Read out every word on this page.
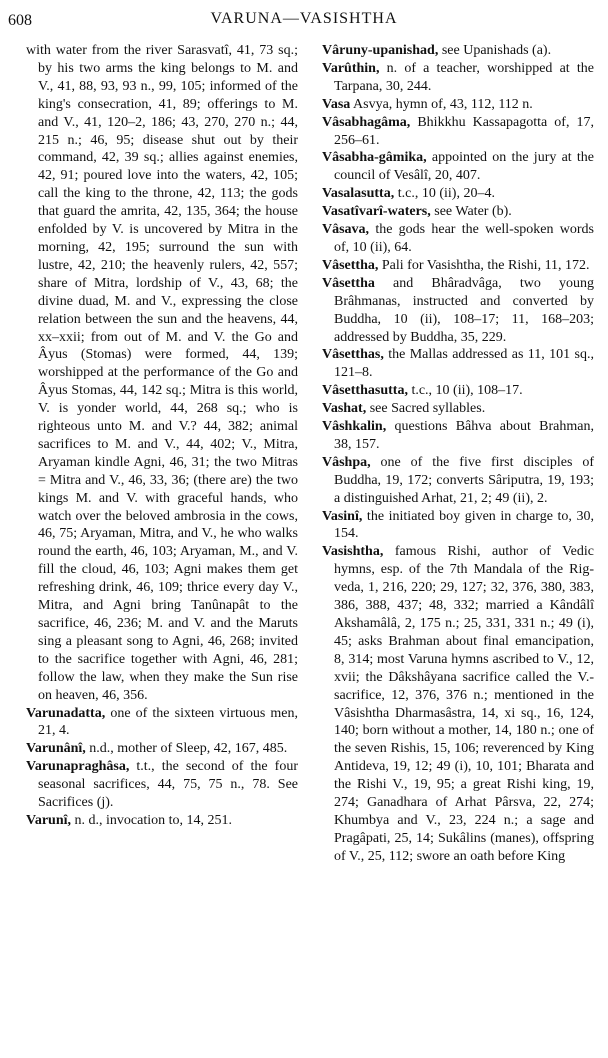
608	VARUNA—VASISHTHA

with water from the river Sarasvatî, 41, 73 sq.; by his two arms the king belongs to M. and V., 41, 88, 93, 93 n., 99, 105; informed of the king's consecration, 41, 89; offerings to M. and V., 41, 120–2, 186; 43, 270, 270 n.; 44, 215 n.; 46, 95; disease shut out by their command, 42, 39 sq.; allies against enemies, 42, 91; poured love into the waters, 42, 105; call the king to the throne, 42, 113; the gods that guard the amrita, 42, 135, 364; the house enfolded by V. is uncovered by Mitra in the morning, 42, 195; surround the sun with lustre, 42, 210; the heavenly rulers, 42, 557; share of Mitra, lordship of V., 43, 68; the divine duad, M. and V., expressing the close relation between the sun and the heavens, 44, xx–xxii; from out of M. and V. the Go and Âyus (Stomas) were formed, 44, 139; worshipped at the performance of the Go and Âyus Stomas, 44, 142 sq.; Mitra is this world, V. is yonder world, 44, 268 sq.; who is righteous unto M. and V.? 44, 382; animal sacrifices to M. and V., 44, 402; V., Mitra, Aryaman kindle Agni, 46, 31; the two Mitras = Mitra and V., 46, 33, 36; (there are) the two kings M. and V. with graceful hands, who watch over the beloved ambrosia in the cows, 46, 75; Aryaman, Mitra, and V., he who walks round the earth, 46, 103; Aryaman, M., and V. fill the cloud, 46, 103; Agni makes them get refreshing drink, 46, 109; thrice every day V., Mitra, and Agni bring Tanûnapât to the sacrifice, 46, 236; M. and V. and the Maruts sing a pleasant song to Agni, 46, 268; invited to the sacrifice together with Agni, 46, 281; follow the law, when they make the Sun rise on heaven, 46, 356.

Varunadatta, one of the sixteen virtuous men, 21, 4.

Varunânî, n.d., mother of Sleep, 42, 167, 485.

Varunapraghâsa, t.t., the second of the four seasonal sacrifices, 44, 75, 75 n., 78. See Sacrifices (j).

Varunî, n. d., invocation to, 14, 251.

Vâruny-upanishad, see Upanishads (a).

Varûthin, n. of a teacher, worshipped at the Tarpana, 30, 244.

Vasa Asvya, hymn of, 43, 112, 112 n.

Vâsabhagâma, Bhikkhu Kassapagotta of, 17, 256–61.

Vâsabha-gâmika, appointed on the jury at the council of Vesâlî, 20, 407.

Vasalasutta, t.c., 10 (ii), 20–4.

Vasatîvarî-waters, see Water (b).

Vâsava, the gods hear the well-spoken words of, 10 (ii), 64.

Vâsettha, Pali for Vasishtha, the Rishi, 11, 172.

Vâsettha and Bhâradvâga, two young Brâhmanas, instructed and converted by Buddha, 10 (ii), 108–17; 11, 168–203; addressed by Buddha, 35, 229.

Vâsetthas, the Mallas addressed as 11, 101 sq., 121–8.

Vâsetthasutta, t.c., 10 (ii), 108–17.

Vashat, see Sacred syllables.

Vâshkalin, questions Bâhva about Brahman, 38, 157.

Vâshpa, one of the five first disciples of Buddha, 19, 172; converts Sâriputra, 19, 193; a distinguished Arhat, 21, 2; 49 (ii), 2.

Vasinî, the initiated boy given in charge to, 30, 154.

Vasishtha, famous Rishi, author of Vedic hymns, esp. of the 7th Mandala of the Rig-veda, 1, 216, 220; 29, 127; 32, 376, 380, 383, 386, 388, 437; 48, 332; married a Kândâlî Akshamâlâ, 2, 175 n.; 25, 331, 331 n.; 49 (i), 45; asks Brahman about final emancipation, 8, 314; most Varuna hymns ascribed to V., 12, xvii; the Dâkshâyana sacrifice called the V.-sacrifice, 12, 376, 376 n.; mentioned in the Vâsishtha Dharmasâstra, 14, xi sq., 16, 124, 140; born without a mother, 14, 180 n.; one of the seven Rishis, 15, 106; reverenced by King Antideva, 19, 12; 49 (i), 10, 101; Bharata and the Rishi V., 19, 95; a great Rishi king, 19, 274; Ganadhara of Arhat Pârsva, 22, 274; Khumbya and V., 23, 224 n.; a sage and Pragâpati, 25, 14; Sukâlins (manes), offspring of V., 25, 112; swore an oath before King
